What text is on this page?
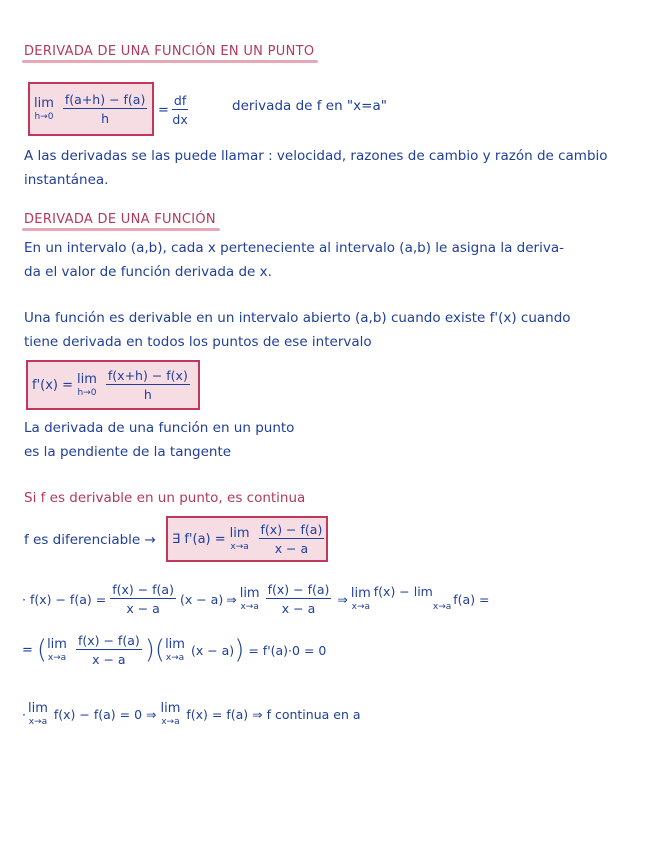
DERIVADA DE UNA FUNCIÓN EN UN PUNTO
lim
$h\to 0 \frac{f(a+h) - f(a)}{h} = \frac{df}{dx}$	derivada de f en "x=a"
A las derivadas se las puede llamar : velocidad, razones de cambio y razón de cambio
instantánea.
DERIVADA DE UNA FUNCIÓN
En un intervalo (a,b), cada x perteneciente al intervalo (a,b) le asigna la deriva-
da el valor de función derivada de x.
Una función es derivable en un intervalo abierto (a,b) cuando existe f'(x) cuando
tiene derivada en todos los puntos de ese intervalo
f'(x) = lim
$h\to 0 \frac{f(x+h) - f(x)}{h}$
La derivada de una función en un punto
es la pendiente de la tangente
Si f es derivable en un punto, es continua
f es diferenciable → ∃ f'(a) = lim
$x\to a \frac{f(x) - f(a)}{x - a}$
· $f(x) - f(a) = \frac{f(x) - f(a)}{x - a} (x - a)$ ⇒ lim
$x\to a \frac{f(x) - f(a)}{x - a}$ ⇒ lim
x→a
f(x) − lim
x→a
f(a) =
= ( lim
$x\to a \frac{f(x) - f(a)}{x - a}$ ) ( lim
x→a (x − a) ) = f'(a)·0 = 0
· lim
x→a f(x) − f(a) = 0 ⇒ lim
x→a f(x) = f(a) ⇒ f continua en a
